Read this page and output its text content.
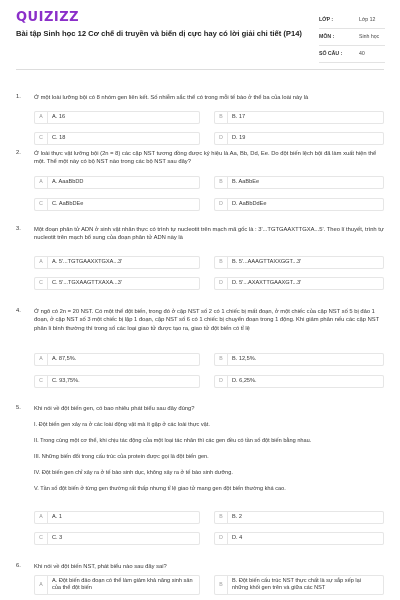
QUIZIZZ
Bài tập Sinh học 12 Cơ chế di truyền và biến dị cực hay có lời giải chi tiết (P14)
LỚP :	Lớp 12
MÔN :	Sinh học
SỐ CÂU :	40
1. Ở một loài lưỡng bội có 8 nhóm gen liên kết. Số nhiễm sắc thể có trong mỗi tế bào ở thể ba của loài này là
A	A. 16	B	B. 17
C	C. 18	D	D. 19
2. Ở loài thực vật lưỡng bội (2n = 8) các cặp NST tương đồng được ký hiệu là Aa, Bb, Dd, Ee. Do đột biến lệch bội đã làm xuất hiện thể một. Thể một này có bộ NST nào trong các bộ NST sau đây?
A	A. AaaBbDD	B	B. AaBbEe
C	C. AaBbDEe	D	D. AaBbDdEe
3. Một đoạn phân tử ADN ở sinh vật nhân thực có trình tự nucleotit trên mạch mã gốc là : 3'...TGTGAAXTTGXA...5'. Theo lí thuyết, trình tự nucleotit trên mạch bổ sung của đoạn phân tử ADN này là
A	A. 5'...TGTGAAXXTGXA...3'	B	B. 5'...AAAGTTAXXGGT...3'
C	C. 5'...TGXAAGTTXAXA...3'	D	D. 5'...AXAXTTGAAXGT...3'
4. Ở ngô có 2n = 20 NST. Có một thể đột biến, trong đó ở cặp NST số 2 có 1 chiếc bị mất đoạn, ở một chiếc của cặp NST số 5 bị đảo 1 đoạn, ở cặp NST số 3 một chiếc bị lặp 1 đoạn, cặp NST số 6 có 1 chiếc bị chuyển đoạn trong 1 động. Khi giảm phân nếu các cặp NST phân li bình thường thì trong số các loại giao tử được tạo ra, giao tử đột biến có tỉ lệ
A	A. 87,5%.	B	B. 12,5%.
C	C. 93,75%.	D	D. 6,25%.
5. Khi nói về đột biến gen, có bao nhiêu phát biểu sau đây đúng?
I. Đột biến gen xảy ra ở các loài động vật mà ít gặp ở các loài thực vật.
II. Trong cùng một cơ thể, khi chịu tác động của một loại tác nhân thì các gen đều có tần số đột biến bằng nhau.
III. Những biến đổi trong cấu trúc của protein được gọi là đột biến gen.
IV. Đột biến gen chỉ xảy ra ở tế bào sinh dục, không xảy ra ở tế bào sinh dưỡng.
V. Tần số đột biến ở từng gen thường rất thấp nhưng tỉ lệ giao tử mang gen đột biến thường khá cao.
A	A. 1	B	B. 2
C	C. 3	D	D. 4
6. Khi nói về đột biến NST, phát biểu nào sau đây sai?
A
A. Đột biến đảo đoạn có thể làm giảm khả năng sinh sản của thể đột biến	B
B. Đột biến cấu trúc NST thực chất là sự sắp xếp lại những khối gen trên và giữa các NST
